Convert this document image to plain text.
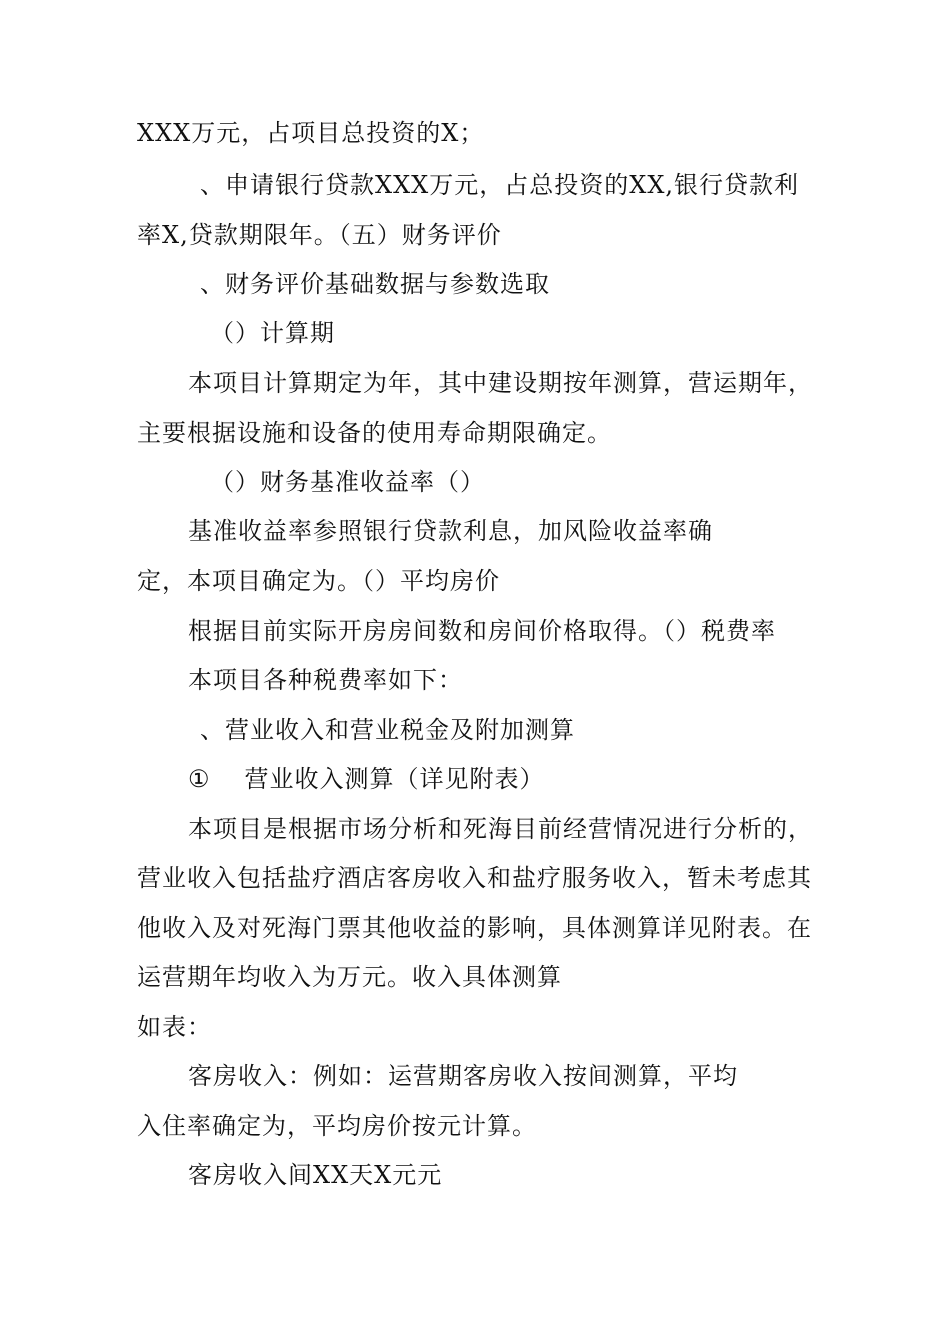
XXX万元，占项目总投资的X；
、申请银行贷款XXX万元，占总投资的XX,银行贷款利
率X,贷款期限年。（五）财务评价
、财务评价基础数据与参数选取
（）计算期
本项目计算期定为年，其中建设期按年测算，营运期年，
主要根据设施和设备的使用寿命期限确定。
（）财务基准收益率（）
基准收益率参照银行贷款利息，加风险收益率确
定，本项目确定为。（）平均房价
根据目前实际开房房间数和房间价格取得。（）税费率
本项目各种税费率如下：
、营业收入和营业税金及附加测算
① 营业收入测算（详见附表）
本项目是根据市场分析和死海目前经营情况进行分析的，
营业收入包括盐疗酒店客房收入和盐疗服务收入，暂未考虑其
他收入及对死海门票其他收益的影响，具体测算详见附表。在
运营期年均收入为万元。收入具体测算
如表：
客房收入：例如：运营期客房收入按间测算，平均
入住率确定为，平均房价按元计算。
客房收入间XX天X元元
